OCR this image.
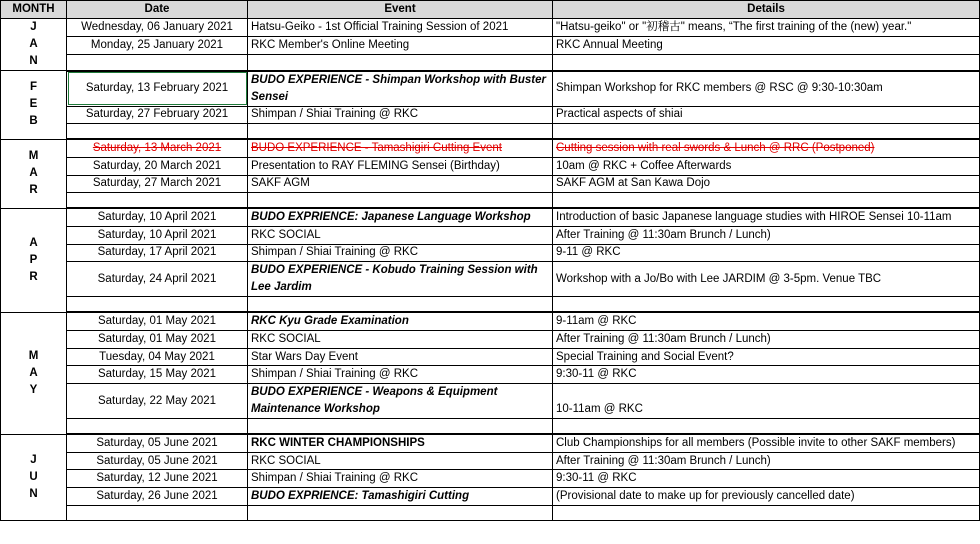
MONTH	Date	Event	Details

J
A
N	Wednesday, 06 January 2021	Hatsu-Geiko - 1st Official Training Session of 2021	"Hatsu-geiko" or "初稽古" means, “The first training of the (new) year."
	Monday, 25 January 2021	RKC Member's Online Meeting	RKC Annual Meeting

F
E
B	Saturday, 13 February 2021	BUDO EXPERIENCE - Shimpan Workshop with Buster Sensei	Shimpan Workshop for RKC members @ RSC @ 9:30-10:30am
	Saturday, 27 February 2021	Shimpan / Shiai Training @ RKC	Practical aspects of shiai

M
A
R	Saturday, 13 March 2021	BUDO EXPERIENCE - Tamashigiri Cutting Event	Cutting session with real swords & Lunch @ RRC (Postponed)
	Saturday, 20 March 2021	Presentation to RAY FLEMING Sensei (Birthday)	10am @ RKC + Coffee Afterwards
	Saturday, 27 March 2021	SAKF AGM	SAKF AGM at San Kawa Dojo

A
P
R	Saturday, 10 April 2021	BUDO EXPRIENCE: Japanese Language Workshop	Introduction of basic Japanese language studies with HIROE Sensei 10-11am
	Saturday, 10 April 2021	RKC SOCIAL	After Training @ 11:30am Brunch / Lunch)
	Saturday, 17 April 2021	Shimpan / Shiai Training @ RKC	9-11 @ RKC
	Saturday, 24 April 2021	BUDO EXPERIENCE - Kobudo Training Session with Lee Jardim	Workshop with a Jo/Bo with Lee JARDIM @ 3-5pm. Venue TBC

M
A
Y	Saturday, 01 May 2021	RKC Kyu Grade Examination	9-11am @ RKC
	Saturday, 01 May 2021	RKC SOCIAL	After Training @ 11:30am Brunch / Lunch)
	Tuesday, 04 May 2021	Star Wars Day Event	Special Training and Social Event?
	Saturday, 15 May 2021	Shimpan / Shiai Training @ RKC	9:30-11 @ RKC
	Saturday, 22 May 2021	BUDO EXPERIENCE - Weapons & Equipment Maintenance Workshop	10-11am @ RKC

J
U
N	Saturday, 05 June 2021	RKC WINTER CHAMPIONSHIPS	Club Championships for all members (Possible invite to other SAKF members)
	Saturday, 05 June 2021	RKC SOCIAL	After Training @ 11:30am Brunch / Lunch)
	Saturday, 12 June 2021	Shimpan / Shiai Training @ RKC	9:30-11 @ RKC
	Saturday, 26 June 2021	BUDO EXPRIENCE: Tamashigiri Cutting	(Provisional date to make up for previously cancelled date)
